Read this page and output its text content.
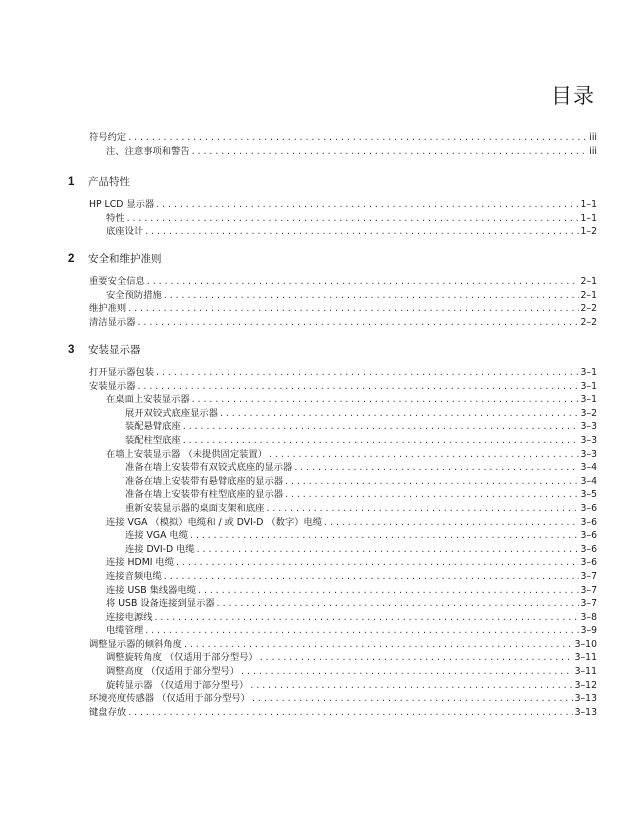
目录
符号约定 . . .	iii
注、注意事项和警告 . . .	iii
1	产品特性
HP LCD 显示器 . . .	1–1
特性 . . .	1–1
底座设计 . . .	1–2
2	安全和维护准则
重要安全信息 . . .	2–1
安全预防措施 . . .	2–1
维护准则 . . .	2–2
清洁显示器 . . .	2–2
3	安装显示器
打开显示器包装 . . .	3–1
安装显示器 . . .	3–1
在桌面上安装显示器 . . .	3–1
展开双铰式底座显示器 . . .	3–2
装配悬臂底座 . . .	3–3
装配柱型底座 . . .	3–3
在墙上安装显示器 （未提供固定装置） . . .	3–3
准备在墙上安装带有双铰式底座的显示器 . . .	3–4
准备在墙上安装带有悬臂底座的显示器 . . .	3–4
准备在墙上安装带有柱型底座的显示器 . . .	3–5
重新安装显示器的桌面支架和底座 . . .	3–6
连接 VGA （模拟）电缆和 / 或 DVI-D （数字）电缆 . . .	3–6
连接 VGA 电缆 . . .	3–6
连接 DVI-D 电缆 . . .	3–6
连接 HDMI 电缆 . . .	3–6
连接音频电缆 . . .	3–7
连接 USB 集线器电缆 . . .	3–7
将 USB 设备连接到显示器 . . .	3–7
连接电源线 . . .	3–8
电缆管理 . . .	3–9
调整显示器的倾斜角度 . . .	3–10
调整旋转角度 （仅适用于部分型号） . . .	3–11
调整高度 （仅适用于部分型号） . . .	3–11
旋转显示器 （仅适用于部分型号） . . .	3–12
环境亮度传感器 （仅适用于部分型号） . . .	3–13
键盘存放 . . .	3–13
